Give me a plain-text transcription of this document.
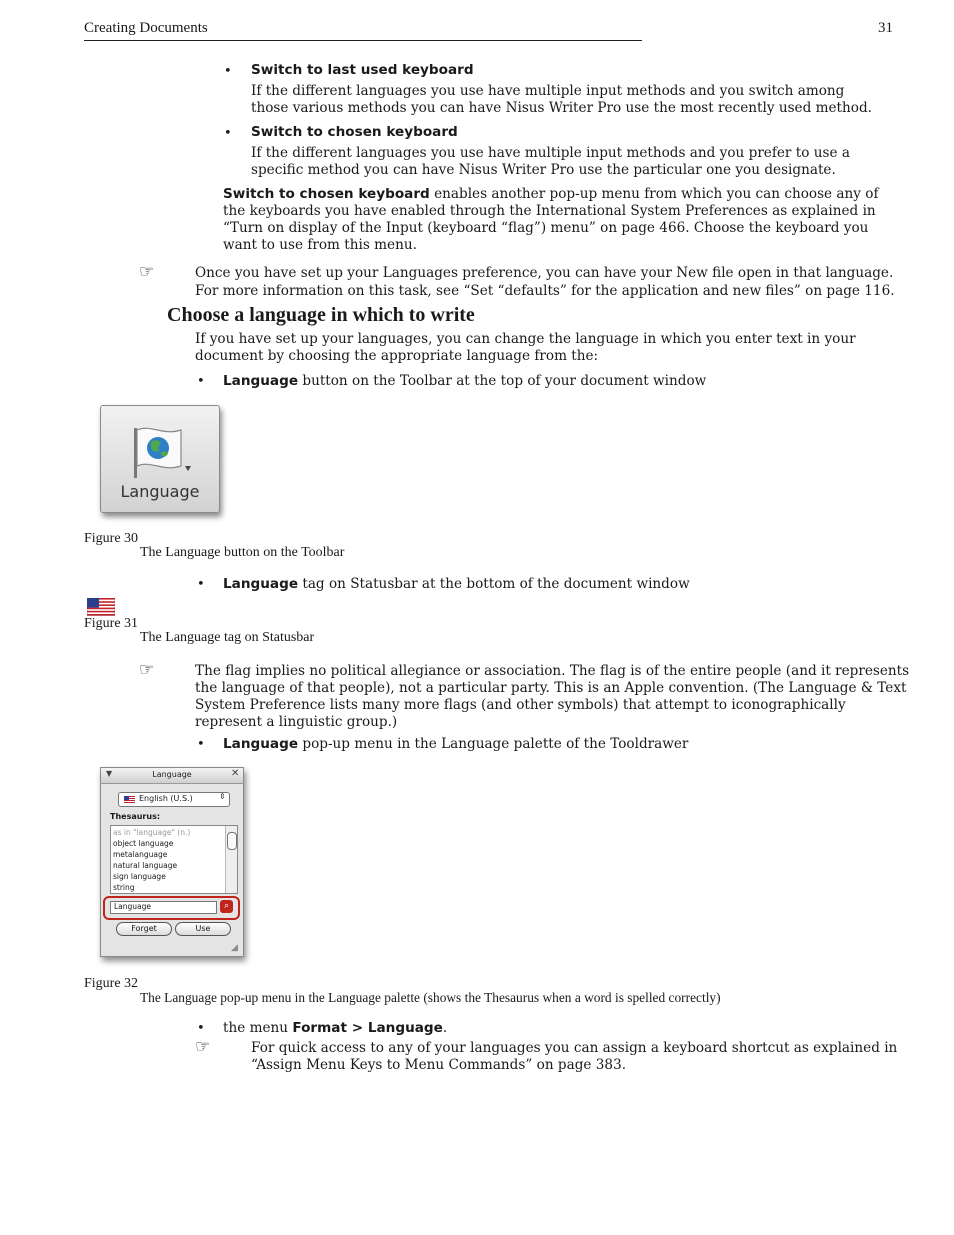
Creating Documents	31
• Switch to last used keyboard
If the different languages you use have multiple input methods and you switch among
those various methods you can have Nisus Writer Pro use the most recently used method.
• Switch to chosen keyboard
If the different languages you use have multiple input methods and you prefer to use a
specific method you can have Nisus Writer Pro use the particular one you designate.
Switch to chosen keyboard enables another pop-up menu from which you can choose any of
the keyboards you have enabled through the International System Preferences as explained in
“Turn on display of the Input (keyboard “flag”) menu” on page 466. Choose the keyboard you
want to use from this menu.
☞	Once you have set up your Languages preference, you can have your New file open in that language.
For more information on this task, see “Set “defaults” for the application and new files” on page 116.
Choose a language in which to write
If you have set up your languages, you can change the language in which you enter text in your
document by choosing the appropriate language from the:
• Language button on the Toolbar at the top of your document window
Language
Figure 30
The Language button on the Toolbar
• Language tag on Statusbar at the bottom of the document window
Figure 31
The Language tag on Statusbar
☞	The flag implies no political allegiance or association. The flag is of the entire people (and it represents
the language of that people), not a particular party. This is an Apple convention. (The Language & Text
System Preference lists many more flags (and other symbols) that attempt to iconographically
represent a linguistic group.)
• Language pop-up menu in the Language palette of the Tooldrawer
▼	Language	✕
English (U.S.)	⇕
Thesaurus:
as in "language" (n.)
object language
metalanguage
natural language
sign language
string
Language	⌕
Forget	Use
◢
Figure 32
The Language pop-up menu in the Language palette (shows the Thesaurus when a word is spelled correctly)
• the menu Format > Language.
☞	For quick access to any of your languages you can assign a keyboard shortcut as explained in
“Assign Menu Keys to Menu Commands” on page 383.
